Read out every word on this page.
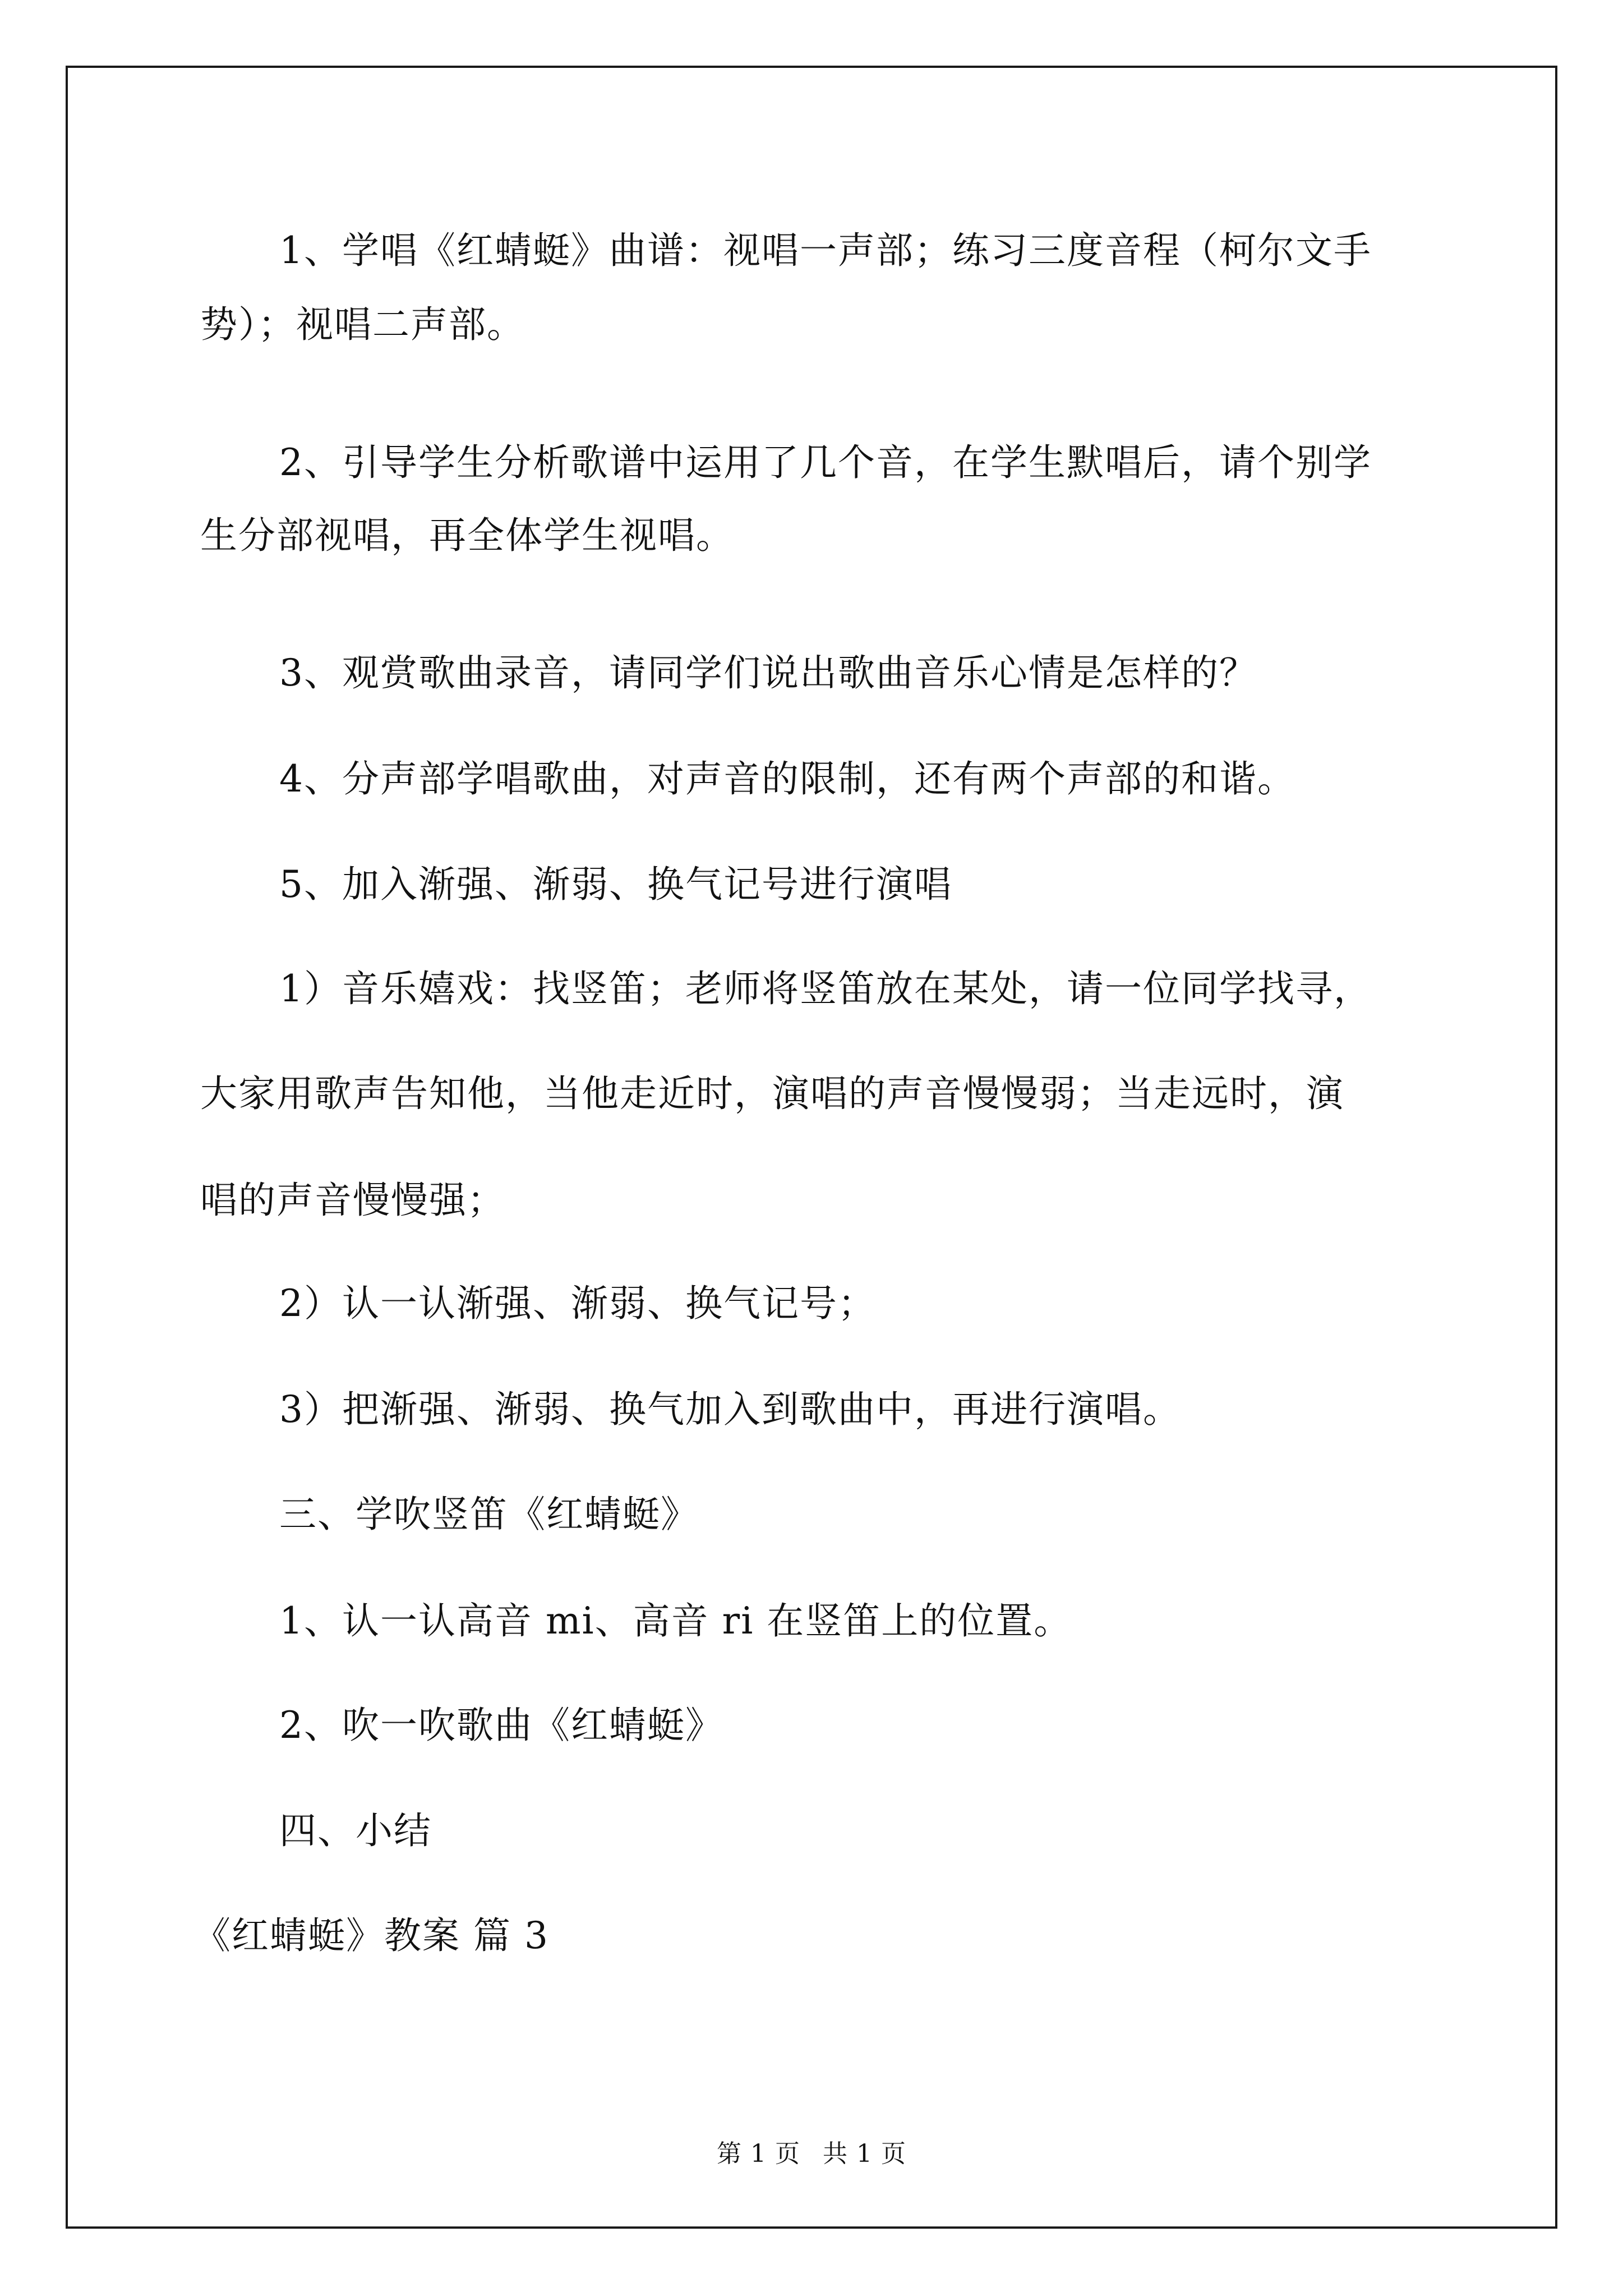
1、学唱《红蜻蜓》曲谱：视唱一声部；练习三度音程（柯尔文手
势）；视唱二声部。
2、引导学生分析歌谱中运用了几个音，在学生默唱后，请个别学
生分部视唱，再全体学生视唱。
3、观赏歌曲录音，请同学们说出歌曲音乐心情是怎样的？
4、分声部学唱歌曲，对声音的限制，还有两个声部的和谐。
5、加入渐强、渐弱、换气记号进行演唱
1）音乐嬉戏：找竖笛；老师将竖笛放在某处，请一位同学找寻，
大家用歌声告知他，当他走近时，演唱的声音慢慢弱；当走远时，演
唱的声音慢慢强；
2）认一认渐强、渐弱、换气记号；
3）把渐强、渐弱、换气加入到歌曲中，再进行演唱。
三、学吹竖笛《红蜻蜓》
1、认一认高音 mi、高音 ri 在竖笛上的位置。
2、吹一吹歌曲《红蜻蜓》
四、小结
《红蜻蜓》教案 篇 3
第 1 页 共 1 页
